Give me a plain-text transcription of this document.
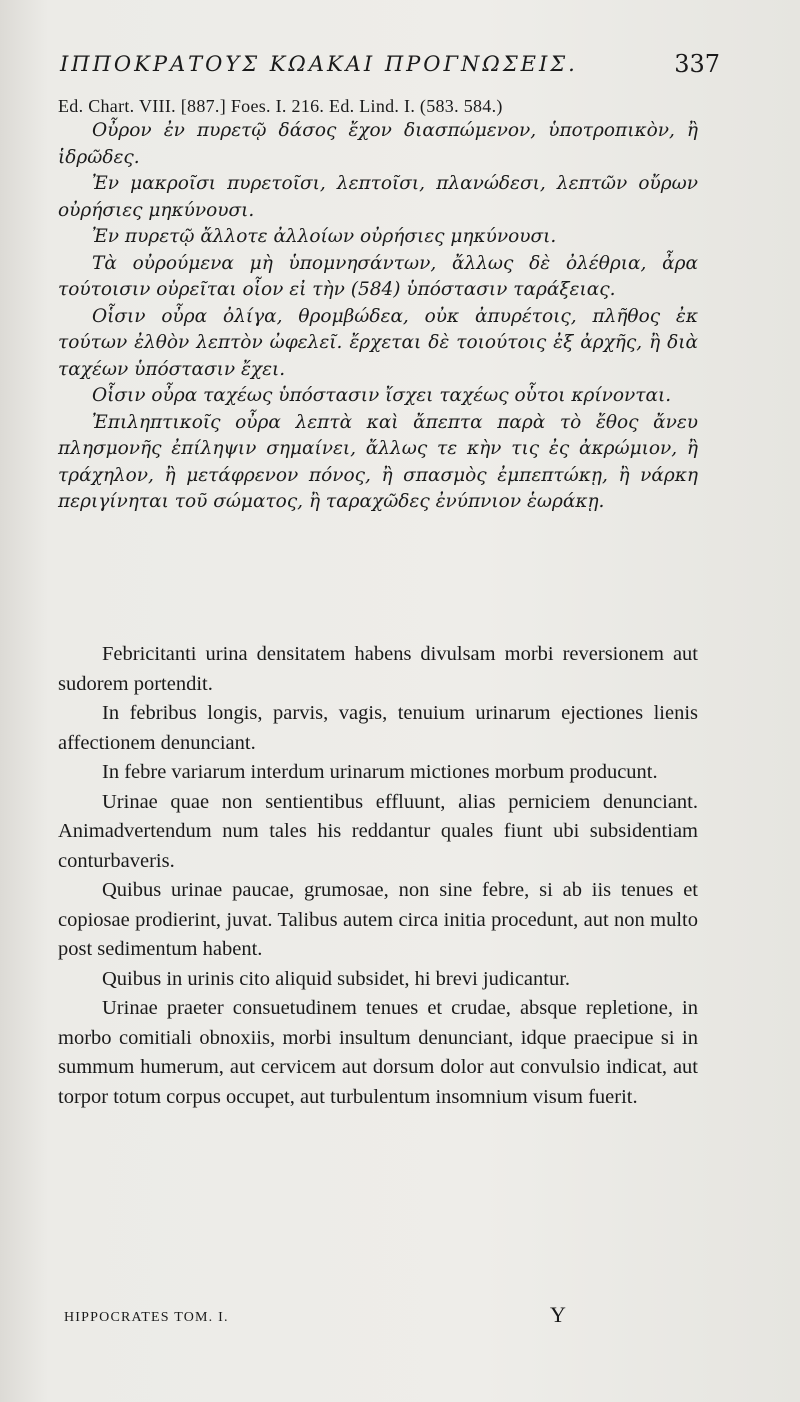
ΙΠΠΟΚΡΑΤΟΥΣ ΚΩΑΚΑΙ ΠΡΟΓΝΩΣΕΙΣ.	337
Ed. Chart. VIII. [887.] Foes. I. 216. Ed. Lind. I. (583. 584.)

Οὖρον ἐν πυρετῷ δάσος ἔχον διασπώμενον, ὑποτροπικὸν, ἢ ἱδρῶδες.

Ἐν μακροῖσι πυρετοῖσι, λεπτοῖσι, πλανώδεσι, λεπτῶν οὔρων οὐρήσιες μηκύνουσι.

Ἐν πυρετῷ ἄλλοτε ἀλλοίων οὐρήσιες μηκύνουσι.

Τὰ οὐρούμενα μὴ ὑπομνησάντων, ἄλλως δὲ ὀλέθρια, ἆρα τούτοισιν οὐρεῖται οἷον εἰ τὴν (584) ὑπόστασιν ταράξειας.

Οἷσιν οὖρα ὀλίγα, θρομβώδεα, οὐκ ἀπυρέτοις, πλῆθος ἐκ τούτων ἐλθὸν λεπτὸν ὠφελεῖ. ἔρχεται δὲ τοιούτοις ἐξ ἀρχῆς, ἢ διὰ ταχέων ὑπόστασιν ἔχει.

Οἷσιν οὖρα ταχέως ὑπόστασιν ἴσχει ταχέως οὗτοι κρίνονται.

Ἐπιληπτικοῖς οὖρα λεπτὰ καὶ ἄπεπτα παρὰ τὸ ἔθος ἄνευ πλησμονῆς ἐπίληψιν σημαίνει, ἄλλως τε κὴν τις ἐς ἀκρώμιον, ἢ τράχηλον, ἢ μετάφρενον πόνος, ἢ σπασμὸς ἐμπεπτώκῃ, ἢ νάρκη περιγίνηται τοῦ σώματος, ἢ ταραχῶδες ἐνύπνιον ἑωράκῃ.

Febricitanti urina densitatem habens divulsam morbi reversionem aut sudorem portendit.

In febribus longis, parvis, vagis, tenuium urinarum ejectiones lienis affectionem denunciant.

In febre variarum interdum urinarum mictiones morbum producunt.

Urinae quae non sentientibus effluunt, alias perniciem denunciant. Animadvertendum num tales his reddantur quales fiunt ubi subsidentiam conturbaveris.

Quibus urinae paucae, grumosae, non sine febre, si ab iis tenues et copiosae prodierint, juvat. Talibus autem circa initia procedunt, aut non multo post sedimentum habent.

Quibus in urinis cito aliquid subsidet, hi brevi judicantur.

Urinae praeter consuetudinem tenues et crudae, absque repletione, in morbo comitiali obnoxiis, morbi insultum denunciant, idque praecipue si in summum humerum, aut cervicem aut dorsum dolor aut convulsio indicat, aut torpor totum corpus occupet, aut turbulentum insomnium visum fuerit.

HIPPOCRATES TOM. I.	Y
